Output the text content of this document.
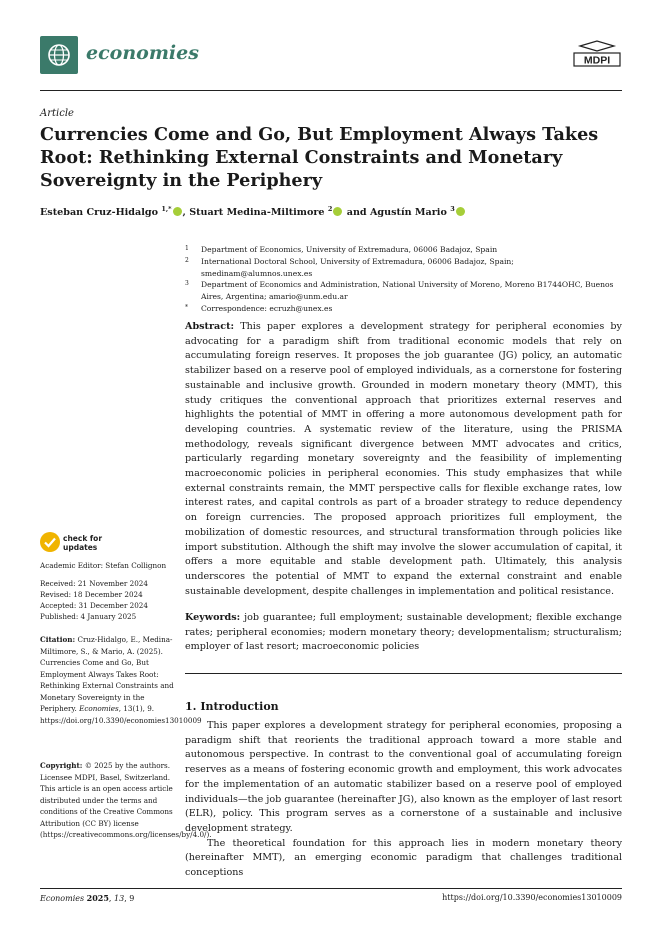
economies	MDPI
Article
Currencies Come and Go, But Employment Always Takes Root: Rethinking External Constraints and Monetary Sovereignty in the Periphery
Esteban Cruz-Hidalgo $^{1,*}$ , Stuart Medina-Miltimore $^2$ and Agustín Mario $^3$
1 Department of Economics, University of Extremadura, 06006 Badajoz, Spain
2 International Doctoral School, University of Extremadura, 06006 Badajoz, Spain; smedinam@alumnos.unex.es
3 Department of Economics and Administration, National University of Moreno, Moreno B1744OHC, Buenos Aires, Argentina; amario@unm.edu.ar
* Correspondence: ecruzh@unex.es
Abstract: This paper explores a development strategy for peripheral economies by advocating for a paradigm shift from traditional economic models that rely on accumulating foreign reserves. It proposes the job guarantee (JG) policy, an automatic stabilizer based on a reserve pool of employed individuals, as a cornerstone for fostering sustainable and inclusive growth. Grounded in modern monetary theory (MMT), this study critiques the conventional approach that prioritizes external reserves and highlights the potential of MMT in offering a more autonomous development path for developing countries. A systematic review of the literature, using the PRISMA methodology, reveals significant divergence between MMT advocates and critics, particularly regarding monetary sovereignty and the feasibility of implementing macroeconomic policies in peripheral economies. This study emphasizes that while external constraints remain, the MMT perspective calls for flexible exchange rates, low interest rates, and capital controls as part of a broader strategy to reduce dependency on foreign currencies. The proposed approach prioritizes full employment, the mobilization of domestic resources, and structural transformation through policies like import substitution. Although the shift may involve the slower accumulation of capital, it offers a more equitable and stable development path. Ultimately, this analysis underscores the potential of MMT to expand the external constraint and enable sustainable development, despite challenges in implementation and political resistance.
Keywords: job guarantee; full employment; sustainable development; flexible exchange rates; peripheral economies; modern monetary theory; developmentalism; structuralism; employer of last resort; macroeconomic policies
1. Introduction

This paper explores a development strategy for peripheral economies, proposing a paradigm shift that reorients the traditional approach toward a more stable and autonomous perspective. In contrast to the conventional goal of accumulating foreign reserves as a means of fostering economic growth and employment, this work advocates for the implementation of an automatic stabilizer based on a reserve pool of employed individuals—the job guarantee (hereinafter JG), also known as the employer of last resort (ELR), policy. This program serves as a cornerstone of a sustainable and inclusive development strategy.

The theoretical foundation for this approach lies in modern monetary theory (hereinafter MMT), an emerging economic paradigm that challenges traditional conceptions

check for
updates
Academic Editor: Stefan Collignon
Received: 21 November 2024
Revised: 18 December 2024
Accepted: 31 December 2024
Published: 4 January 2025
Citation: Cruz-Hidalgo, E., Medina-Miltimore, S., & Mario, A. (2025). Currencies Come and Go, But Employment Always Takes Root: Rethinking External Constraints and Monetary Sovereignty in the Periphery. Economies, 13(1), 9. https://doi.org/10.3390/economies13010009
Copyright: © 2025 by the authors. Licensee MDPI, Basel, Switzerland. This article is an open access article distributed under the terms and conditions of the Creative Commons Attribution (CC BY) license (https://creativecommons.org/licenses/by/4.0/).
Economies 2025, 13, 9	https://doi.org/10.3390/economies13010009
